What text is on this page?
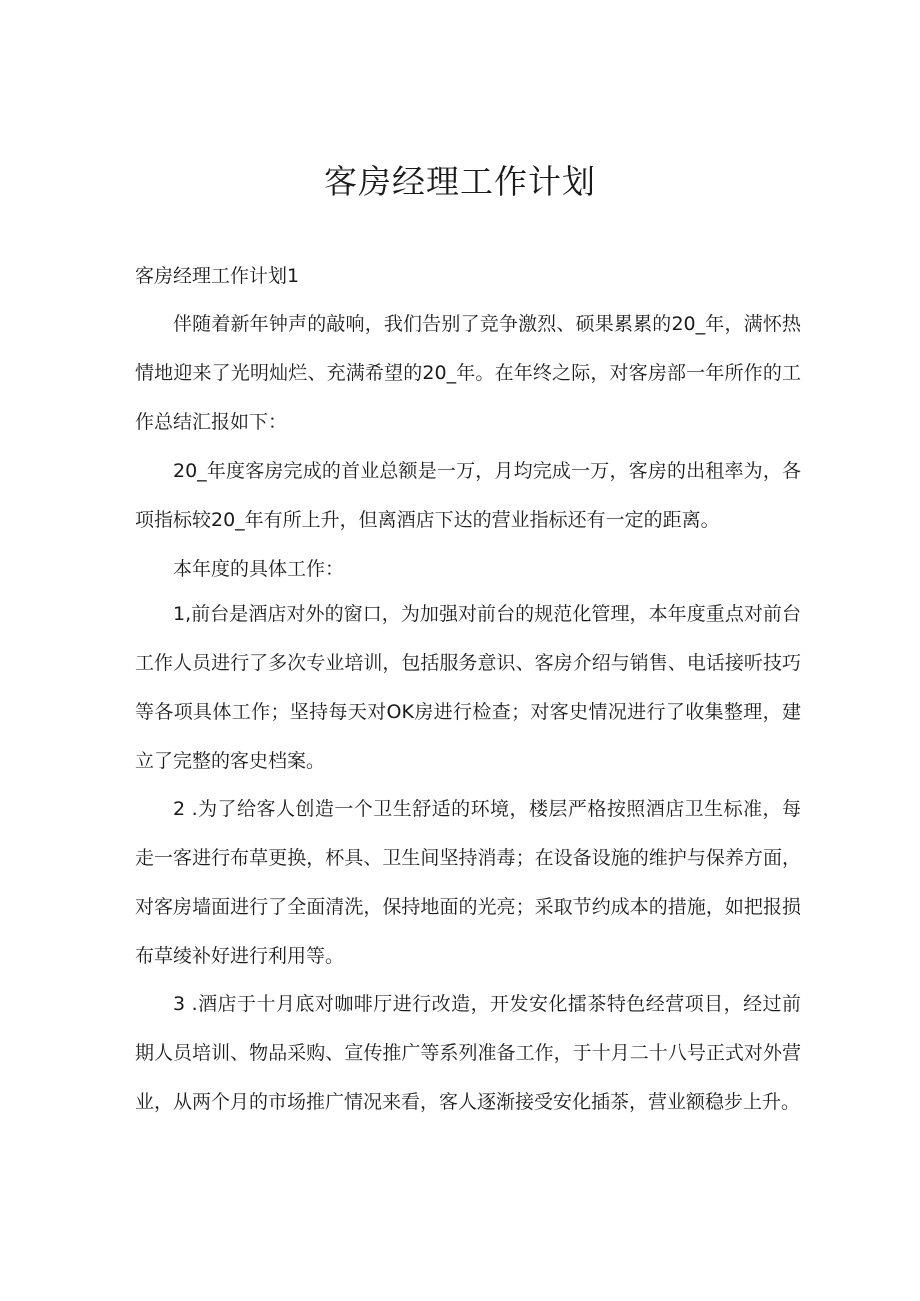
客房经理工作计划

客房经理工作计划1

伴随着新年钟声的敲响，我们告别了竞争激烈、硕果累累的20_年，满怀热情地迎来了光明灿烂、充满希望的20_年。在年终之际，对客房部一年所作的工作总结汇报如下：

20_年度客房完成的首业总额是一万，月均完成一万，客房的出租率为，各项指标较20_年有所上升，但离酒店下达的营业指标还有一定的距离。

本年度的具体工作：

1,前台是酒店对外的窗口，为加强对前台的规范化管理，本年度重点对前台工作人员进行了多次专业培训，包括服务意识、客房介绍与销售、电话接听技巧等各项具体工作；坚持每天对OK房进行检查；对客史情况进行了收集整理，建立了完整的客史档案。

2 .为了给客人创造一个卫生舒适的环境，楼层严格按照酒店卫生标准，每走一客进行布草更换，杯具、卫生间坚持消毒；在设备设施的维护与保养方面，对客房墙面进行了全面清洗，保持地面的光亮；采取节约成本的措施，如把报损布草绫补好进行利用等。

3 .酒店于十月底对咖啡厅进行改造，开发安化擂茶特色经营项目，经过前期人员培训、物品采购、宣传推广等系列准备工作，于十月二十八号正式对外营业，从两个月的市场推广情况来看，客人逐渐接受安化插茶，营业额稳步上升。
